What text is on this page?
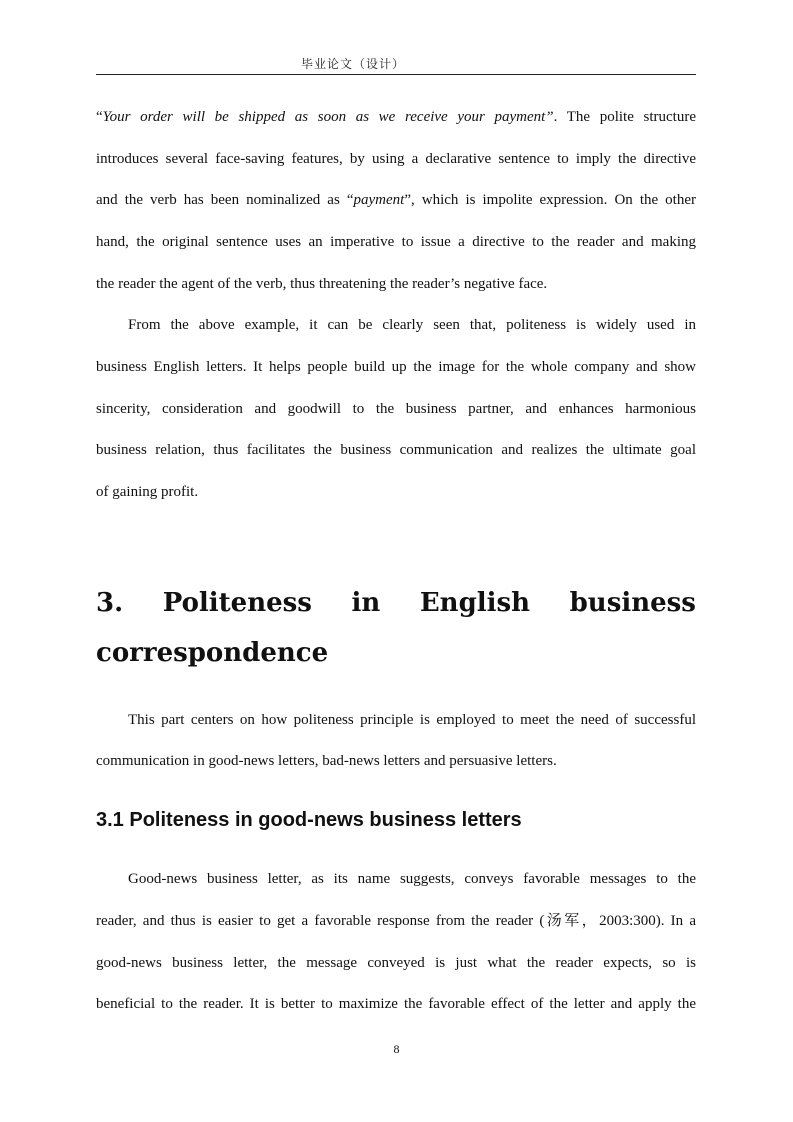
毕业论文（设计）
“Your order will be shipped as soon as we receive your payment”. The polite structure
introduces several face-saving features, by using a declarative sentence to imply the directive
and the verb has been nominalized as “payment”, which is impolite expression. On the other
hand, the original sentence uses an imperative to issue a directive to the reader and making
the reader the agent of the verb, thus threatening the reader’s negative face.
From the above example, it can be clearly seen that, politeness is widely used in
business English letters. It helps people build up the image for the whole company and show
sincerity, consideration and goodwill to the business partner, and enhances harmonious
business relation, thus facilitates the business communication and realizes the ultimate goal
of gaining profit.
3. Politeness in English business
correspondence
This part centers on how politeness principle is employed to meet the need of successful
communication in good-news letters, bad-news letters and persuasive letters.
3.1 Politeness in good-news business letters
Good-news business letter, as its name suggests, conveys favorable messages to the
reader, and thus is easier to get a favorable response from the reader (汤军，2003:300). In a
good-news business letter, the message conveyed is just what the reader expects, so is
beneficial to the reader. It is better to maximize the favorable effect of the letter and apply the
8
